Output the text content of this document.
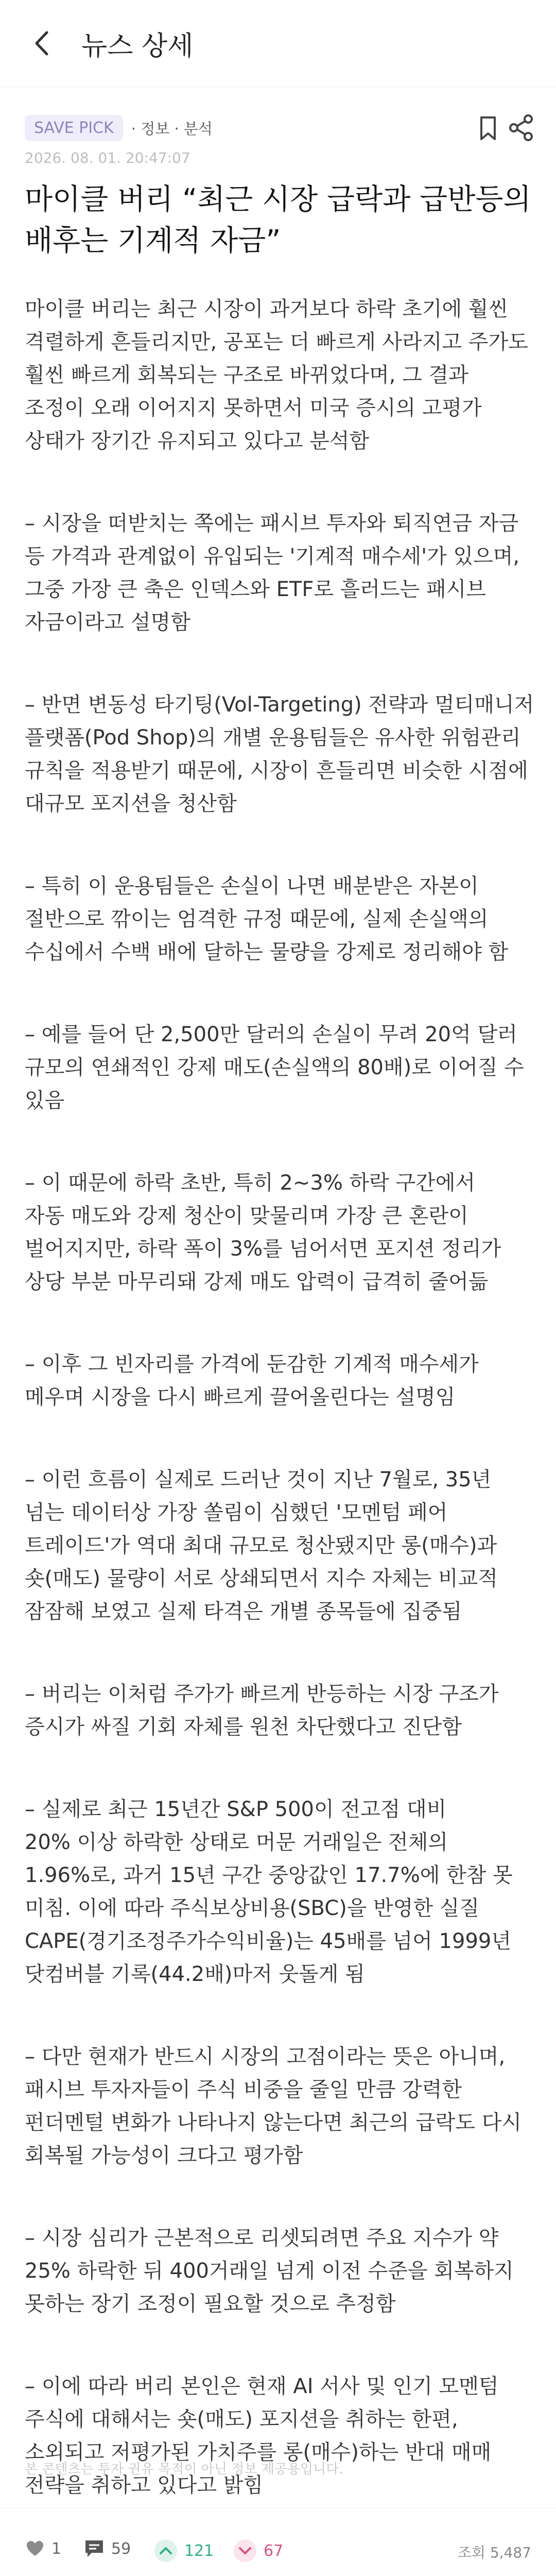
뉴스 상세
SAVE PICK	· 정보 · 분석
2026. 08. 01. 20:47:07
마이클 버리 “최근 시장 급락과 급반등의 배후는 기계적 자금”

마이클 버리는 최근 시장이 과거보다 하락 초기에 훨씬
격렬하게 흔들리지만, 공포는 더 빠르게 사라지고 주가도
훨씬 빠르게 회복되는 구조로 바뀌었다며, 그 결과
조정이 오래 이어지지 못하면서 미국 증시의 고평가
상태가 장기간 유지되고 있다고 분석함

– 시장을 떠받치는 쪽에는 패시브 투자와 퇴직연금 자금
등 가격과 관계없이 유입되는 '기계적 매수세'가 있으며,
그중 가장 큰 축은 인덱스와 ETF로 흘러드는 패시브
자금이라고 설명함

– 반면 변동성 타기팅(Vol-Targeting) 전략과 멀티매니저
플랫폼(Pod Shop)의 개별 운용팀들은 유사한 위험관리
규칙을 적용받기 때문에, 시장이 흔들리면 비슷한 시점에
대규모 포지션을 청산함

– 특히 이 운용팀들은 손실이 나면 배분받은 자본이
절반으로 깎이는 엄격한 규정 때문에, 실제 손실액의
수십에서 수백 배에 달하는 물량을 강제로 정리해야 함

– 예를 들어 단 2,500만 달러의 손실이 무려 20억 달러
규모의 연쇄적인 강제 매도(손실액의 80배)로 이어질 수
있음

– 이 때문에 하락 초반, 특히 2~3% 하락 구간에서
자동 매도와 강제 청산이 맞물리며 가장 큰 혼란이
벌어지지만, 하락 폭이 3%를 넘어서면 포지션 정리가
상당 부분 마무리돼 강제 매도 압력이 급격히 줄어듦

– 이후 그 빈자리를 가격에 둔감한 기계적 매수세가
메우며 시장을 다시 빠르게 끌어올린다는 설명임

– 이런 흐름이 실제로 드러난 것이 지난 7월로, 35년
넘는 데이터상 가장 쏠림이 심했던 '모멘텀 페어
트레이드'가 역대 최대 규모로 청산됐지만 롱(매수)과
숏(매도) 물량이 서로 상쇄되면서 지수 자체는 비교적
잠잠해 보였고 실제 타격은 개별 종목들에 집중됨

– 버리는 이처럼 주가가 빠르게 반등하는 시장 구조가
증시가 싸질 기회 자체를 원천 차단했다고 진단함

– 실제로 최근 15년간 S&P 500이 전고점 대비
20% 이상 하락한 상태로 머문 거래일은 전체의
1.96%로, 과거 15년 구간 중앙값인 17.7%에 한참 못
미침. 이에 따라 주식보상비용(SBC)을 반영한 실질
CAPE(경기조정주가수익비율)는 45배를 넘어 1999년
닷컴버블 기록(44.2배)마저 웃돌게 됨

– 다만 현재가 반드시 시장의 고점이라는 뜻은 아니며,
패시브 투자자들이 주식 비중을 줄일 만큼 강력한
펀더멘털 변화가 나타나지 않는다면 최근의 급락도 다시
회복될 가능성이 크다고 평가함

– 시장 심리가 근본적으로 리셋되려면 주요 지수가 약
25% 하락한 뒤 400거래일 넘게 이전 수준을 회복하지
못하는 장기 조정이 필요할 것으로 추정함

– 이에 따라 버리 본인은 현재 AI 서사 및 인기 모멘텀
주식에 대해서는 숏(매도) 포지션을 취하는 한편,
소외되고 저평가된 가치주를 롱(매수)하는 반대 매매
전략을 취하고 있다고 밝힘

본 콘텐츠는 투자 권유 목적이 아닌 정보 제공용입니다.
1	59	121	67	조회 5,487
